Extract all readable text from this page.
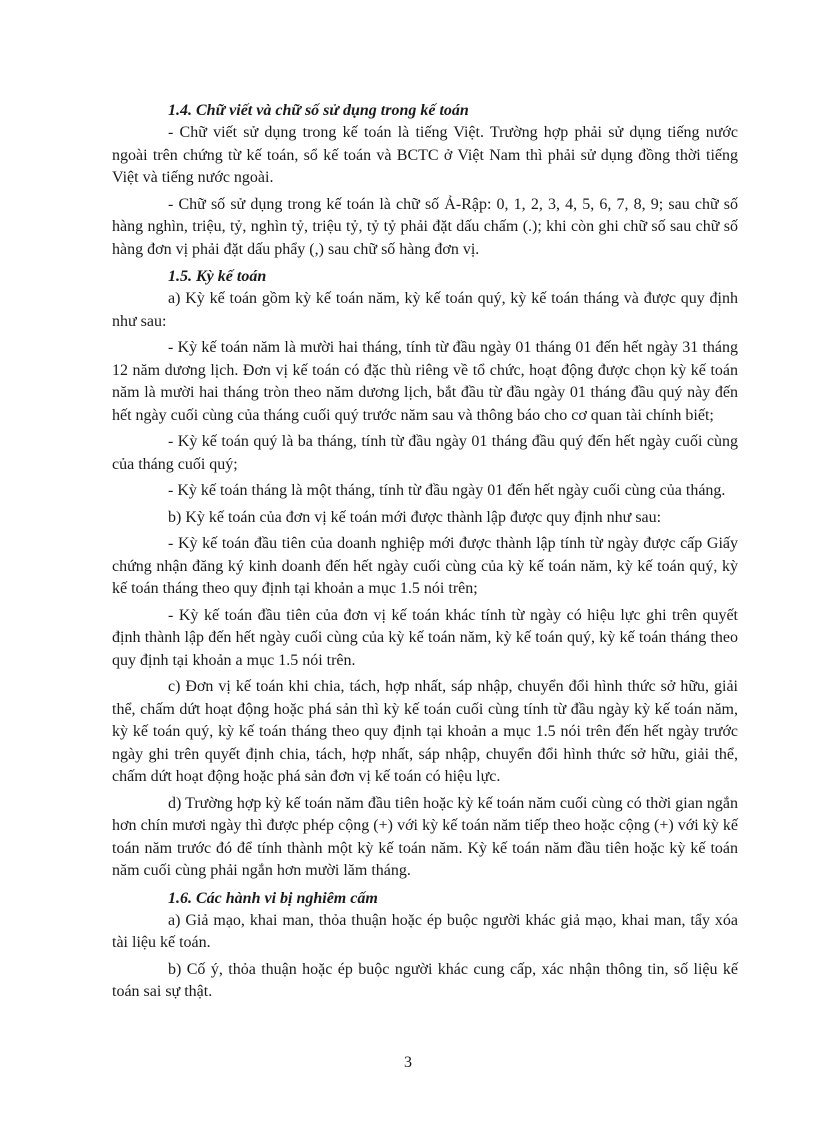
1.4. Chữ viết và chữ số sử dụng trong kế toán

- Chữ viết sử dụng trong kế toán là tiếng Việt. Trường hợp phải sử dụng tiếng nước ngoài trên chứng từ kế toán, sổ kế toán và BCTC ở Việt Nam thì phải sử dụng đồng thời tiếng Việt và tiếng nước ngoài.

- Chữ số sử dụng trong kế toán là chữ số Ả-Rập: 0, 1, 2, 3, 4, 5, 6, 7, 8, 9; sau chữ số hàng nghìn, triệu, tỷ, nghìn tỷ, triệu tỷ, tỷ tỷ phải đặt dấu chấm (.); khi còn ghi chữ số sau chữ số hàng đơn vị phải đặt dấu phẩy (,) sau chữ số hàng đơn vị.

1.5. Kỳ kế toán

a) Kỳ kế toán gồm kỳ kế toán năm, kỳ kế toán quý, kỳ kế toán tháng và được quy định như sau:

- Kỳ kế toán năm là mười hai tháng, tính từ đầu ngày 01 tháng 01 đến hết ngày 31 tháng 12 năm dương lịch. Đơn vị kế toán có đặc thù riêng về tổ chức, hoạt động được chọn kỳ kế toán năm là mười hai tháng tròn theo năm dương lịch, bắt đầu từ đầu ngày 01 tháng đầu quý này đến hết ngày cuối cùng của tháng cuối quý trước năm sau và thông báo cho cơ quan tài chính biết;

- Kỳ kế toán quý là ba tháng, tính từ đầu ngày 01 tháng đầu quý đến hết ngày cuối cùng của tháng cuối quý;

- Kỳ kế toán tháng là một tháng, tính từ đầu ngày 01 đến hết ngày cuối cùng của tháng.

b) Kỳ kế toán của đơn vị kế toán mới được thành lập được quy định như sau:

- Kỳ kế toán đầu tiên của doanh nghiệp mới được thành lập tính từ ngày được cấp Giấy chứng nhận đăng ký kinh doanh đến hết ngày cuối cùng của kỳ kế toán năm, kỳ kế toán quý, kỳ kế toán tháng theo quy định tại khoản a mục 1.5 nói trên;

- Kỳ kế toán đầu tiên của đơn vị kế toán khác tính từ ngày có hiệu lực ghi trên quyết định thành lập đến hết ngày cuối cùng của kỳ kế toán năm, kỳ kế toán quý, kỳ kế toán tháng theo quy định tại khoản a mục 1.5 nói trên.

c) Đơn vị kế toán khi chia, tách, hợp nhất, sáp nhập, chuyển đổi hình thức sở hữu, giải thể, chấm dứt hoạt động hoặc phá sản thì kỳ kế toán cuối cùng tính từ đầu ngày kỳ kế toán năm, kỳ kế toán quý, kỳ kế toán tháng theo quy định tại khoản a mục 1.5 nói trên đến hết ngày trước ngày ghi trên quyết định chia, tách, hợp nhất, sáp nhập, chuyển đổi hình thức sở hữu, giải thể, chấm dứt hoạt động hoặc phá sản đơn vị kế toán có hiệu lực.

d) Trường hợp kỳ kế toán năm đầu tiên hoặc kỳ kế toán năm cuối cùng có thời gian ngắn hơn chín mươi ngày thì được phép cộng (+) với kỳ kế toán năm tiếp theo hoặc cộng (+) với kỳ kế toán năm trước đó để tính thành một kỳ kế toán năm. Kỳ kế toán năm đầu tiên hoặc kỳ kế toán năm cuối cùng phải ngắn hơn mười lăm tháng.

1.6. Các hành vi bị nghiêm cấm

a) Giả mạo, khai man, thỏa thuận hoặc ép buộc người khác giả mạo, khai man, tẩy xóa tài liệu kế toán.

b) Cố ý, thỏa thuận hoặc ép buộc người khác cung cấp, xác nhận thông tin, số liệu kế toán sai sự thật.

3
